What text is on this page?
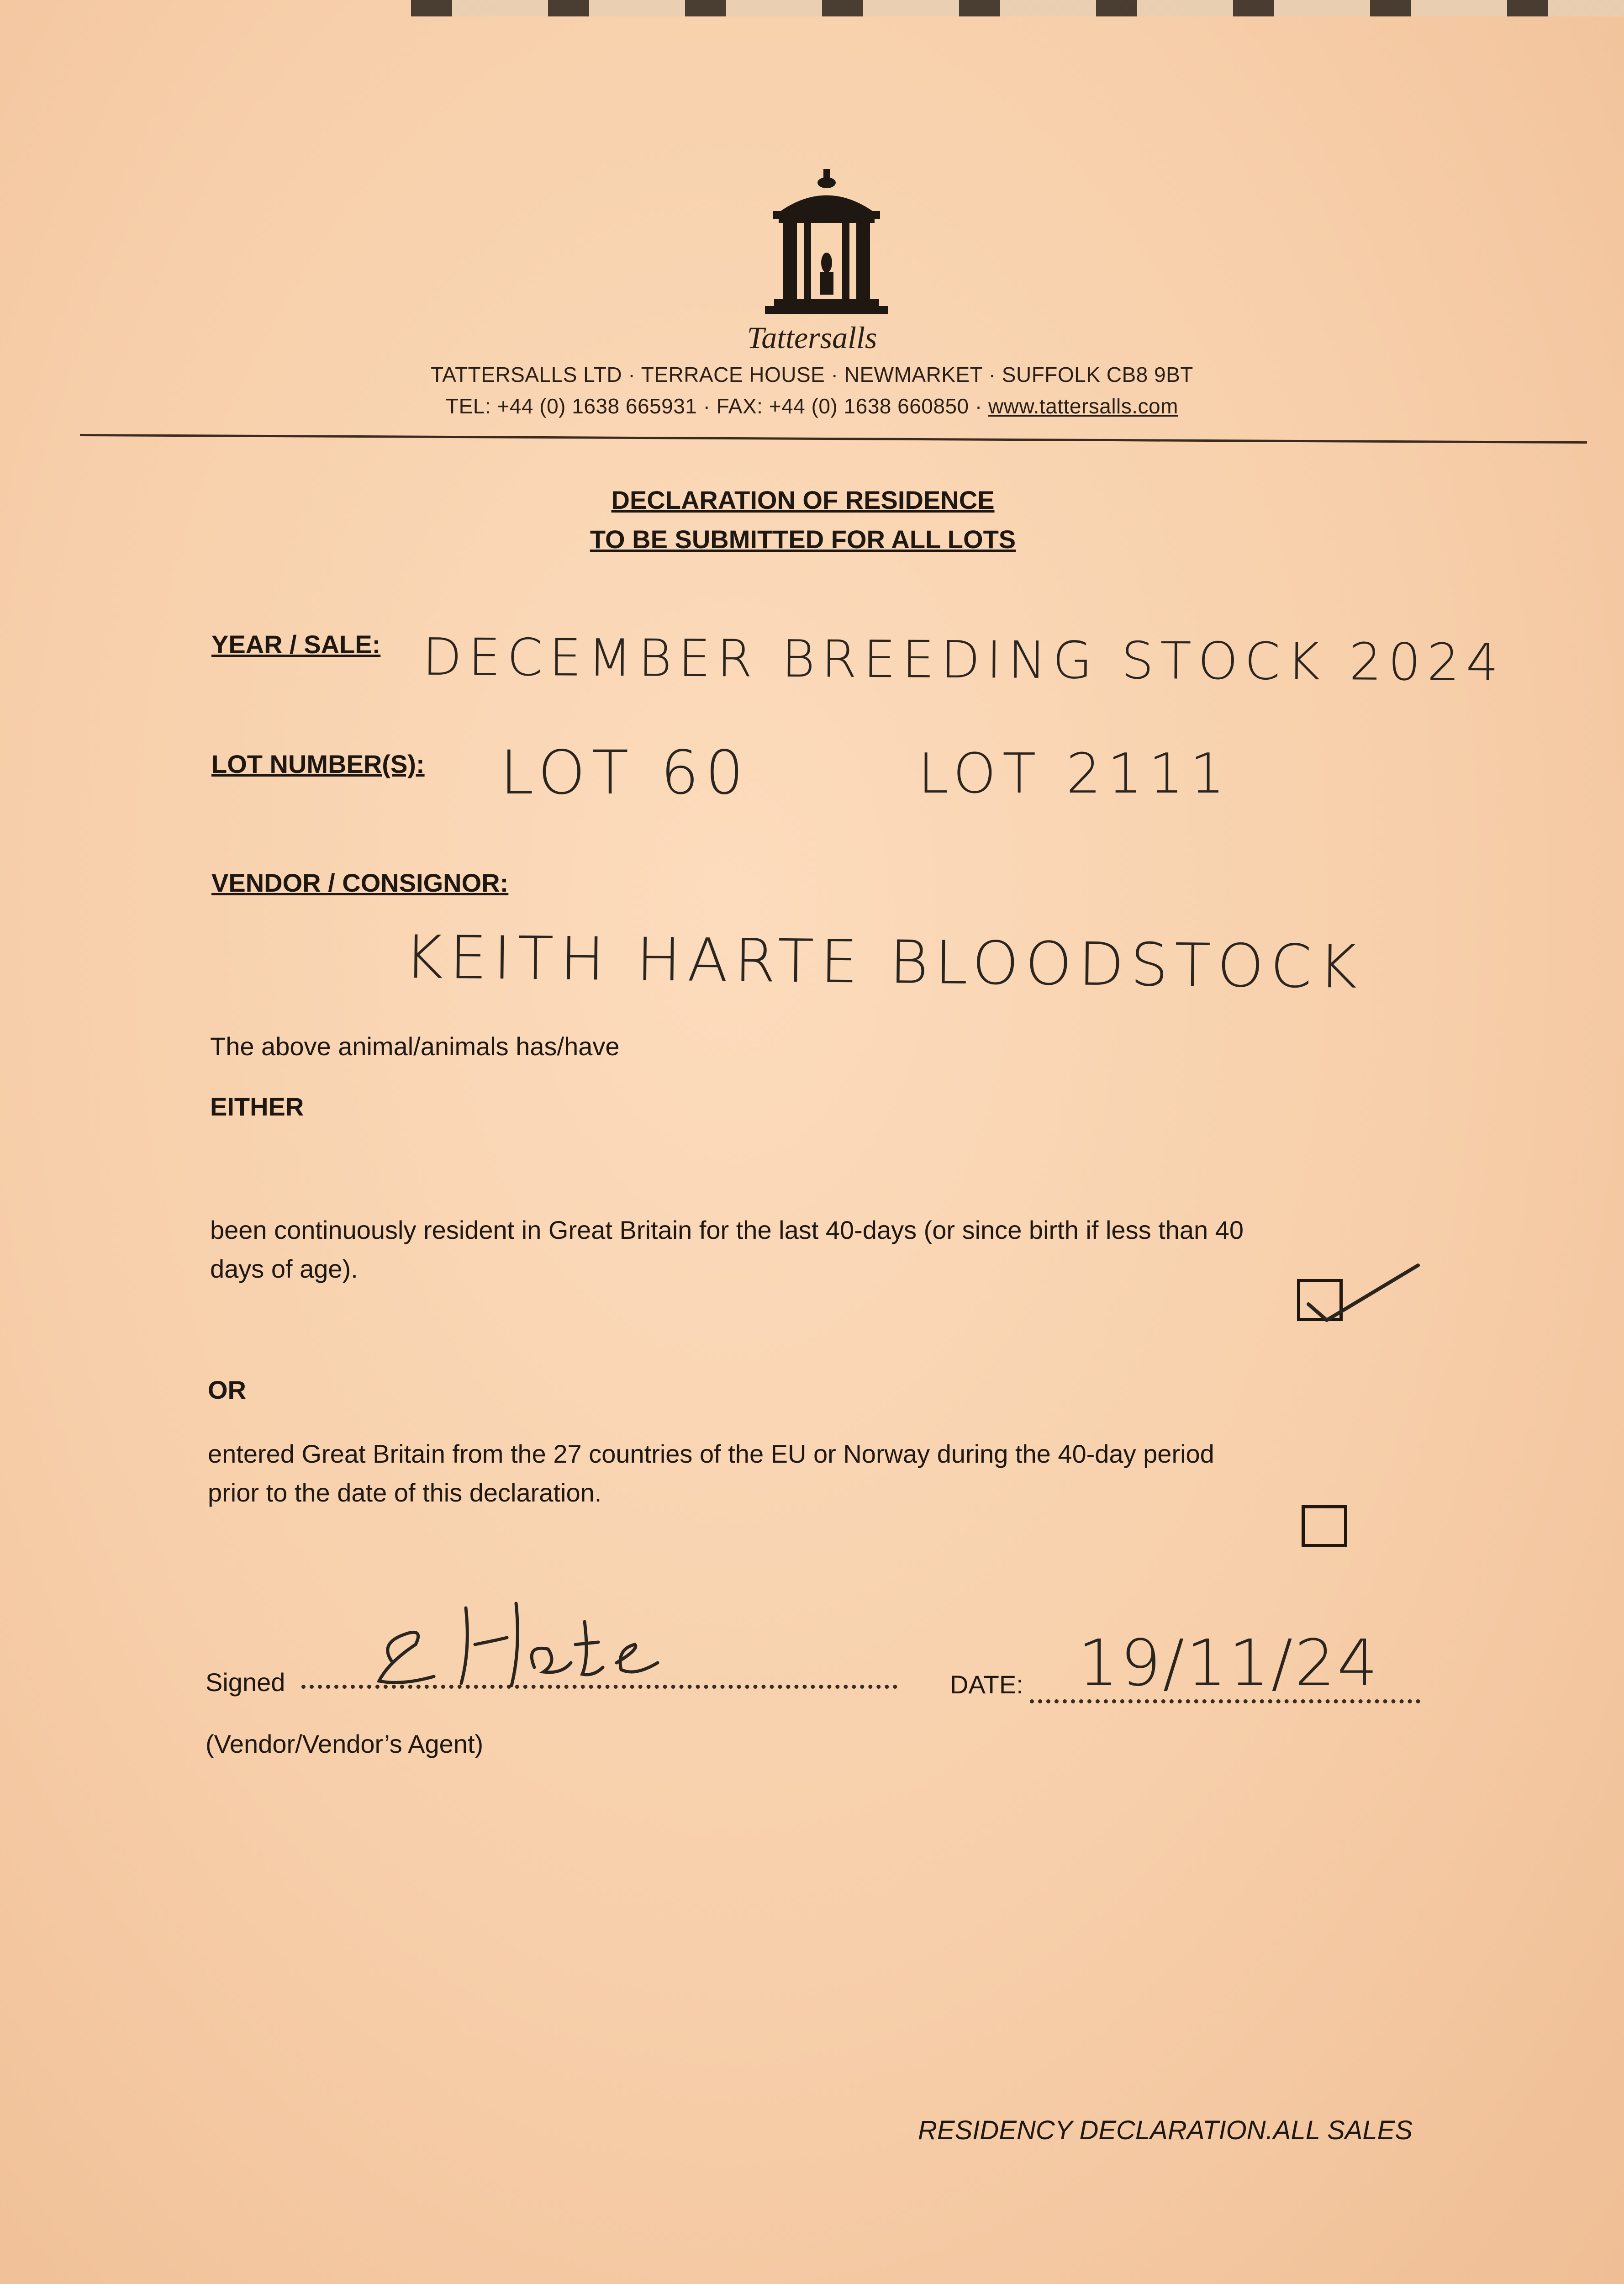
Tattersalls
TATTERSALLS LTD · TERRACE HOUSE · NEWMARKET · SUFFOLK CB8 9BT
TEL: +44 (0) 1638 665931 · FAX: +44 (0) 1638 660850 · www.tattersalls.com
DECLARATION OF RESIDENCE
TO BE SUBMITTED FOR ALL LOTS
YEAR / SALE: DECEMBER BREEDING STOCK 2024
LOT NUMBER(S): LOT 60	LOT 2111
VENDOR / CONSIGNOR:
KEITH HARTE BLOODSTOCK
The above animal/animals has/have
EITHER
been continuously resident in Great Britain for the last 40-days (or since birth if less than 40
days of age).
OR
entered Great Britain from the 27 countries of the EU or Norway during the 40-day period
prior to the date of this declaration.
Signed	DATE: 19/11/24
(Vendor/Vendor’s Agent)
RESIDENCY DECLARATION.ALL SALES
